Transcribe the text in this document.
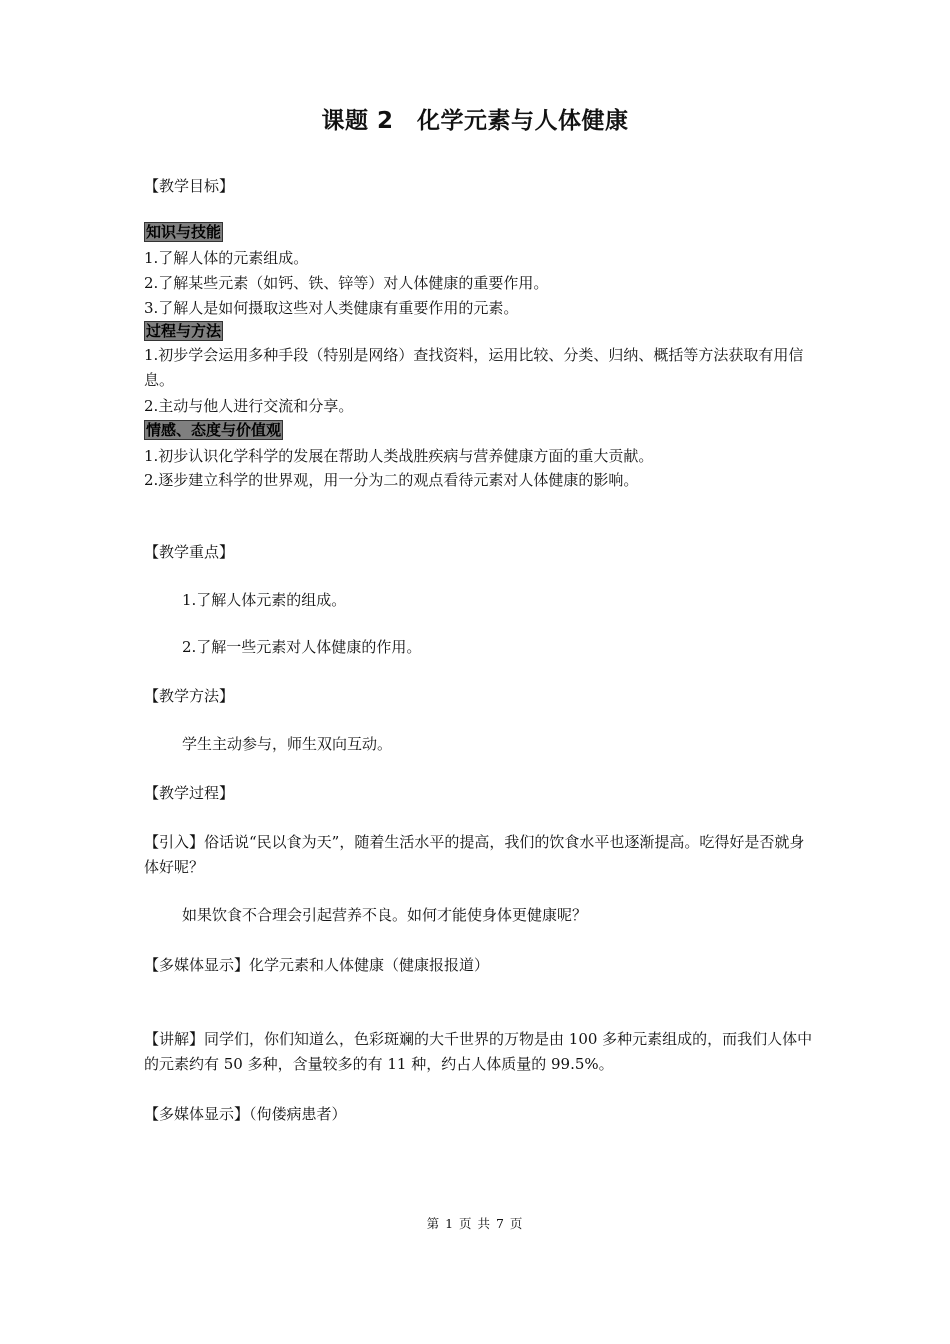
课题 2　化学元素与人体健康
【教学目标】
知识与技能
1.了解人体的元素组成。
2.了解某些元素（如钙、铁、锌等）对人体健康的重要作用。
3.了解人是如何摄取这些对人类健康有重要作用的元素。
过程与方法
1.初步学会运用多种手段（特别是网络）查找资料，运用比较、分类、归纳、概括等方法获取有用信息。
2.主动与他人进行交流和分享。
情感、态度与价值观
1.初步认识化学科学的发展在帮助人类战胜疾病与营养健康方面的重大贡献。
2.逐步建立科学的世界观，用一分为二的观点看待元素对人体健康的影响。
【教学重点】
1.了解人体元素的组成。
2.了解一些元素对人体健康的作用。
【教学方法】
学生主动参与，师生双向互动。
【教学过程】
【引入】俗话说“民以食为天”，随着生活水平的提高，我们的饮食水平也逐渐提高。吃得好是否就身体好呢？
如果饮食不合理会引起营养不良。如何才能使身体更健康呢？
【多媒体显示】化学元素和人体健康（健康报报道）
【讲解】同学们，你们知道么，色彩斑斓的大千世界的万物是由 100 多种元素组成的，而我们人体中的元素约有 50 多种，含量较多的有 11 种，约占人体质量的 99.5%。
【多媒体显示】（佝偻病患者）
第 1 页 共 7 页
